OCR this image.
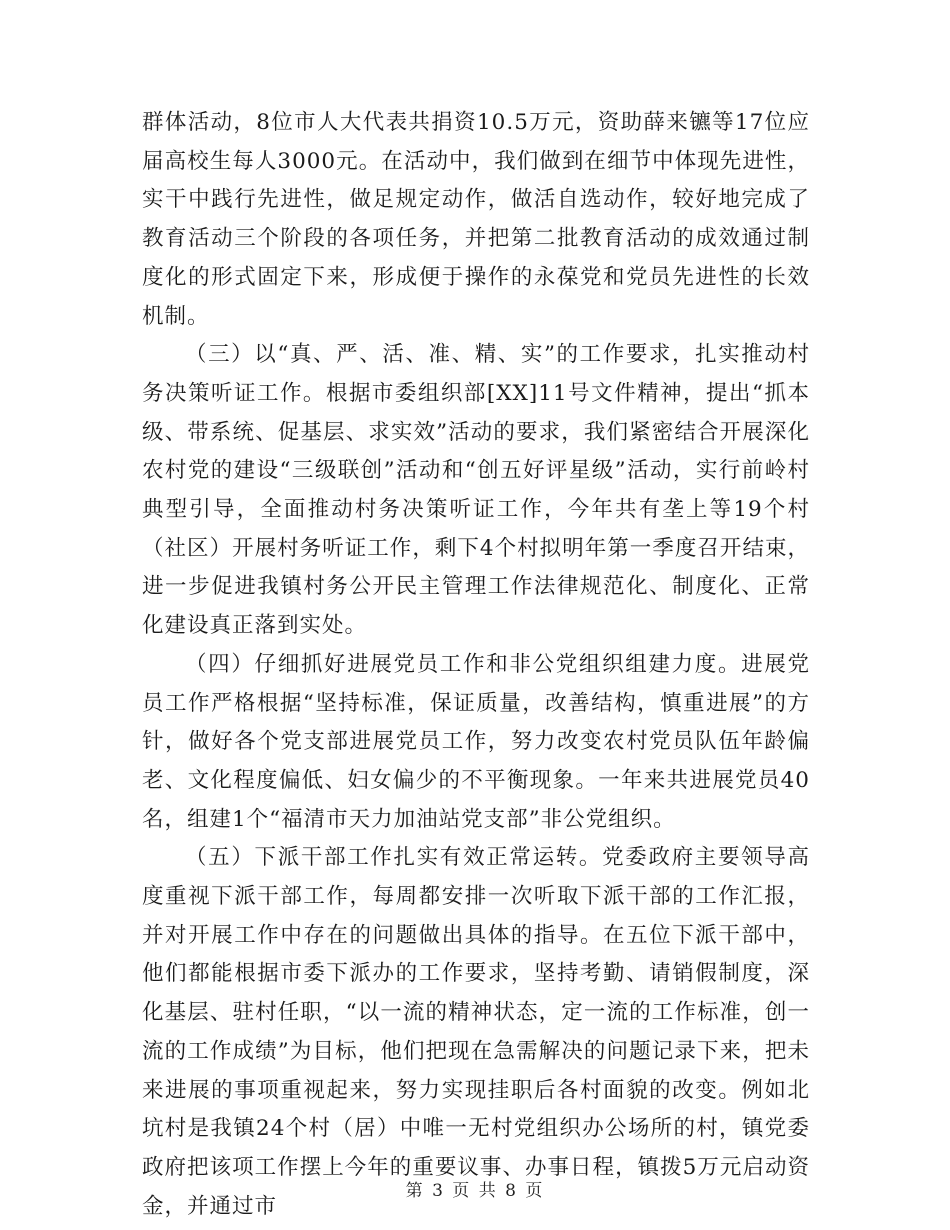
群体活动，8位市人大代表共捐资10.5万元，资助薛来镳等17位应届高校生每人3000元。在活动中，我们做到在细节中体现先进性，实干中践行先进性，做足规定动作，做活自选动作，较好地完成了教育活动三个阶段的各项任务，并把第二批教育活动的成效通过制度化的形式固定下来，形成便于操作的永葆党和党员先进性的长效机制。

（三）以“真、严、活、准、精、实”的工作要求，扎实推动村务决策听证工作。根据市委组织部[XX]11号文件精神，提出“抓本级、带系统、促基层、求实效”活动的要求，我们紧密结合开展深化农村党的建设“三级联创”活动和“创五好评星级”活动，实行前岭村典型引导，全面推动村务决策听证工作，今年共有垄上等19个村（社区）开展村务听证工作，剩下4个村拟明年第一季度召开结束，进一步促进我镇村务公开民主管理工作法律规范化、制度化、正常化建设真正落到实处。

（四）仔细抓好进展党员工作和非公党组织组建力度。进展党员工作严格根据“坚持标准，保证质量，改善结构，慎重进展”的方针，做好各个党支部进展党员工作，努力改变农村党员队伍年龄偏老、文化程度偏低、妇女偏少的不平衡现象。一年来共进展党员40名，组建1个“福清市天力加油站党支部”非公党组织。

（五）下派干部工作扎实有效正常运转。党委政府主要领导高度重视下派干部工作，每周都安排一次听取下派干部的工作汇报，并对开展工作中存在的问题做出具体的指导。在五位下派干部中，他们都能根据市委下派办的工作要求，坚持考勤、请销假制度，深化基层、驻村任职，“以一流的精神状态，定一流的工作标准，创一流的工作成绩”为目标，他们把现在急需解决的问题记录下来，把未来进展的事项重视起来，努力实现挂职后各村面貌的改变。例如北坑村是我镇24个村（居）中唯一无村党组织办公场所的村，镇党委政府把该项工作摆上今年的重要议事、办事日程，镇拨5万元启动资金，并通过市

第 3 页 共 8 页
